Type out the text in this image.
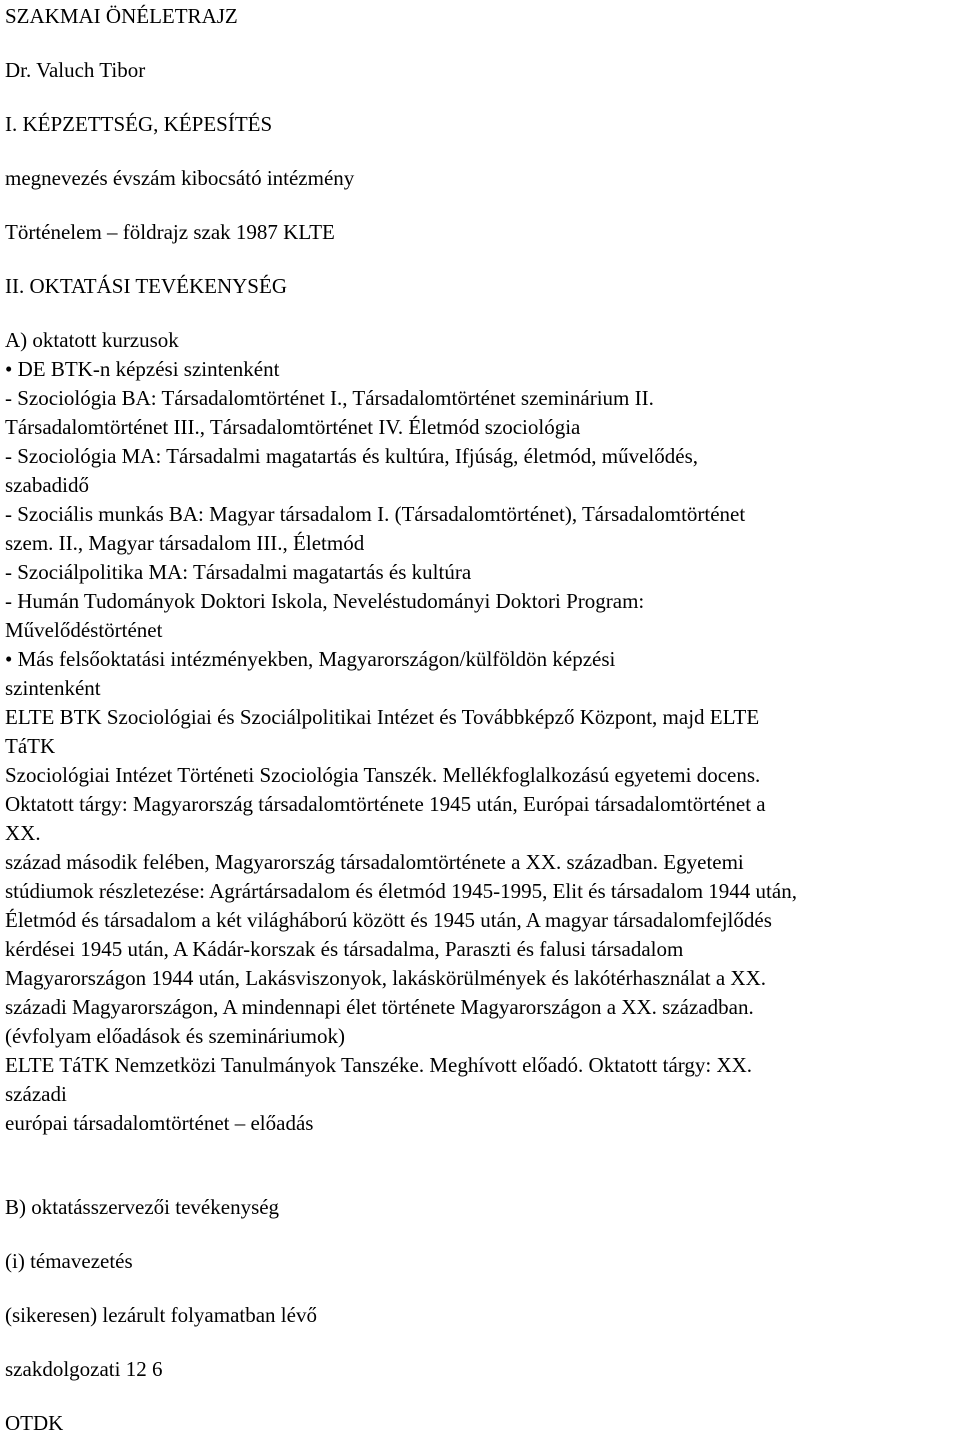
SZAKMAI ÖNÉLETRAJZ
Dr. Valuch Tibor
I. KÉPZETTSÉG, KÉPESÍTÉS
megnevezés évszám kibocsátó intézmény
Történelem – földrajz szak 1987 KLTE
II. OKTATÁSI TEVÉKENYSÉG
A) oktatott kurzusok
• DE BTK-n képzési szintenként
- Szociológia BA: Társadalomtörténet I., Társadalomtörténet szeminárium II.
Társadalomtörténet III., Társadalomtörténet IV. Életmód szociológia
- Szociológia MA: Társadalmi magatartás és kultúra, Ifjúság, életmód, művelődés,
szabadidő
- Szociális munkás BA: Magyar társadalom I. (Társadalomtörténet), Társadalomtörténet
szem. II., Magyar társadalom III., Életmód
- Szociálpolitika MA: Társadalmi magatartás és kultúra
- Humán Tudományok Doktori Iskola, Neveléstudományi Doktori Program:
Művelődéstörténet
• Más felsőoktatási intézményekben, Magyarországon/külföldön képzési
szintenként
ELTE BTK Szociológiai és Szociálpolitikai Intézet és Továbbképző Központ, majd ELTE
TáTK
Szociológiai Intézet Történeti Szociológia Tanszék. Mellékfoglalkozású egyetemi docens.
Oktatott tárgy: Magyarország társadalomtörténete 1945 után, Európai társadalomtörténet a
XX.
század második felében, Magyarország társadalomtörténete a XX. században. Egyetemi
stúdiumok részletezése: Agrártársadalom és életmód 1945-1995, Elit és társadalom 1944 után,
Életmód és társadalom a két világháború között és 1945 után, A magyar társadalomfejlődés
kérdései 1945 után, A Kádár-korszak és társadalma, Paraszti és falusi társadalom
Magyarországon 1944 után, Lakásviszonyok, lakáskörülmények és lakótérhasználat a XX.
századi Magyarországon, A mindennapi élet története Magyarországon a XX. században.
(évfolyam előadások és szemináriumok)
ELTE TáTK Nemzetközi Tanulmányok Tanszéke. Meghívott előadó. Oktatott tárgy: XX.
századi
európai társadalomtörténet – előadás
B) oktatásszervezői tevékenység
(i) témavezetés
(sikeresen) lezárult folyamatban lévő
szakdolgozati 12 6
OTDK
